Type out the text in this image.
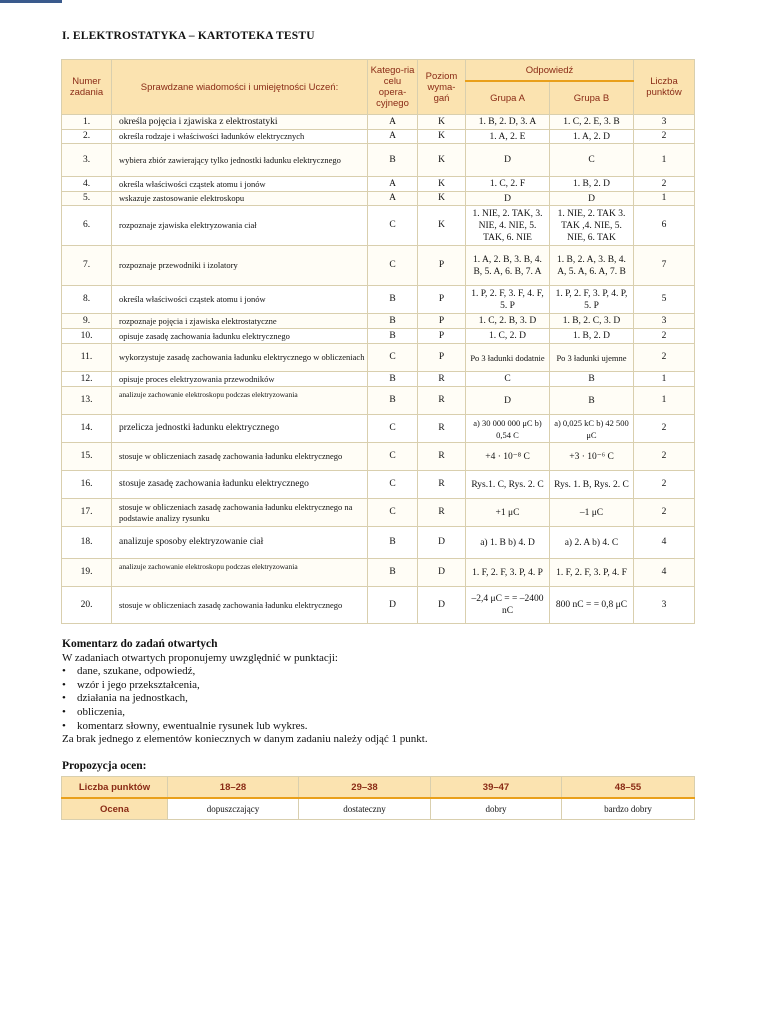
I. ELEKTROSTATYKA – KARTOTEKA TESTU
Numer zadania	Sprawdzane wiadomości i umiejętności Uczeń:	Katego-ria celu opera-cyjnego	Poziom wyma-gań	Odpowiedź		Liczba punktów
				Grupa A	Grupa B	
1.	określa pojęcia i zjawiska z elektrostatyki	A	K	1. B, 2. D, 3. A	1. C, 2. E, 3. B	3
2.	określa rodzaje i właściwości ładunków elektrycznych	A	K	1. A, 2. E	1. A, 2. D	2
3.	wybiera zbiór zawierający tylko jednostki ładunku elektrycznego	B	K	D	C	1
4.	określa właściwości cząstek atomu i jonów	A	K	1. C, 2. F	1. B, 2. D	2
5.	wskazuje zastosowanie elektroskopu	A	K	D	D	1
6.	rozpoznaje zjawiska elektryzowania ciał	C	K	1. NIE, 2. TAK, 3. NIE, 4. NIE, 5. TAK, 6. NIE	1. NIE, 2. TAK 3. TAK ,4. NIE, 5. NIE, 6. TAK	6
7.	rozpoznaje przewodniki i izolatory	C	P	1. A, 2. B, 3. B, 4. B, 5. A, 6. B, 7. A	1. B, 2. A, 3. B, 4. A, 5. A, 6. A, 7. B	7
8.	określa właściwości cząstek atomu i jonów	B	P	1. P, 2. F, 3. F, 4. F, 5. P	1. P, 2. F, 3. P, 4. P, 5. P	5
9.	rozpoznaje pojęcia i zjawiska elektrostatyczne	B	P	1. C, 2. B, 3. D	1. B, 2. C, 3. D	3
10.	opisuje zasadę zachowania ładunku elektrycznego	B	P	1. C, 2. D	1. B, 2. D	2
11.	wykorzystuje zasadę zachowania ładunku elektrycznego w obliczeniach	C	P	Po 3 ładunki dodatnie	Po 3 ładunki ujemne	2
12.	opisuje proces elektryzowania przewodników	B	R	C	B	1
13.	analizuje zachowanie elektroskopu podczas elektryzowania	B	R	D	B	1
14.	przelicza jednostki ładunku elektrycznego	C	R	a) 30 000 000 μC b) 0,54 C	a) 0,025 kC b) 42 500 μC	2
15.	stosuje w obliczeniach zasadę zachowania ładunku elektrycznego	C	R	+4 · 10⁻⁸ C	+3 · 10⁻⁶ C	2
16.	stosuje zasadę zachowania ładunku elektrycznego	C	R	Rys.1. C, Rys. 2. C	Rys. 1. B, Rys. 2. C	2
17.	stosuje w obliczeniach zasadę zachowania ładunku elektrycznego na podstawie analizy rysunku	C	R	+1 μC	–1 μC	2
18.	analizuje sposoby elektryzowanie ciał	B	D	a) 1. B b) 4. D	a) 2. A b) 4. C	4
19.	analizuje zachowanie elektroskopu podczas elektryzowania	B	D	1. F, 2. F, 3. P, 4. P	1. F, 2. F, 3. P, 4. F	4
20.	stosuje w obliczeniach zasadę zachowania ładunku elektrycznego	D	D	–2,4 μC = = –2400 nC	800 nC = = 0,8 μC	3
Komentarz do zadań otwartych
W zadaniach otwartych proponujemy uwzględnić w punktacji:
• dane, szukane, odpowiedź,
• wzór i jego przekształcenia,
• działania na jednostkach,
• obliczenia,
• komentarz słowny, ewentualnie rysunek lub wykres.
Za brak jednego z elementów koniecznych w danym zadaniu należy odjąć 1 punkt.
Propozycja ocen:
Liczba punktów	18–28	29–38	39–47	48–55
Ocena	dopuszczający	dostateczny	dobry	bardzo dobry
